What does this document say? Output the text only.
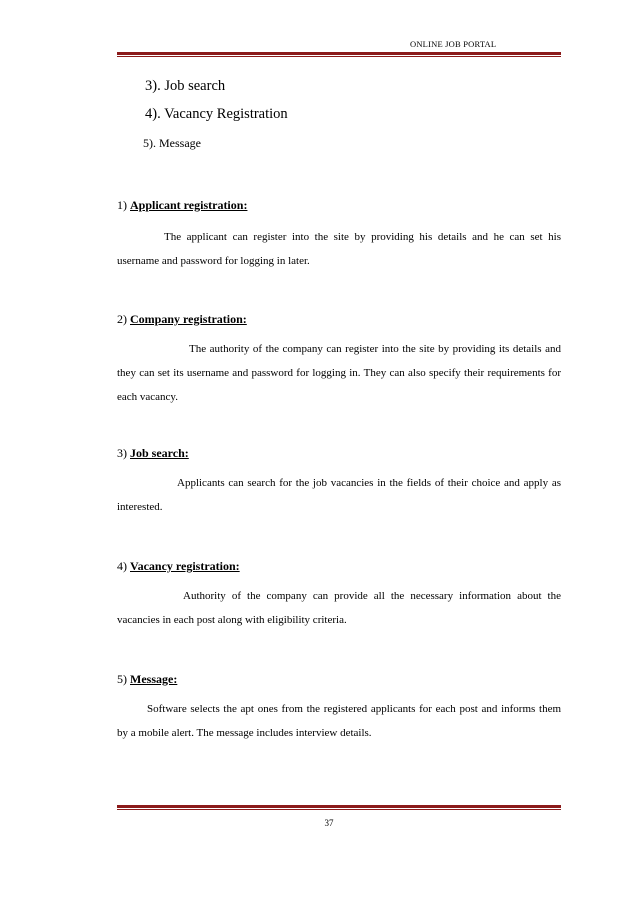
ONLINE JOB PORTAL
3). Job search
4). Vacancy Registration
5). Message
1) Applicant registration:
The applicant can register into the site by providing his details and he can set his username and password for logging in later.
2) Company registration:
The authority of the company can register into the site by providing its details and they can set its username and password for logging in. They can also specify their requirements for each vacancy.
3) Job search:
Applicants can search for the job vacancies in the fields of their choice and apply as interested.
4) Vacancy registration:
Authority of the company can provide all the necessary information about the vacancies in each post along with eligibility criteria.
5) Message:
Software selects the apt ones from the registered applicants for each post and informs them by a mobile alert. The message includes interview details.
37
